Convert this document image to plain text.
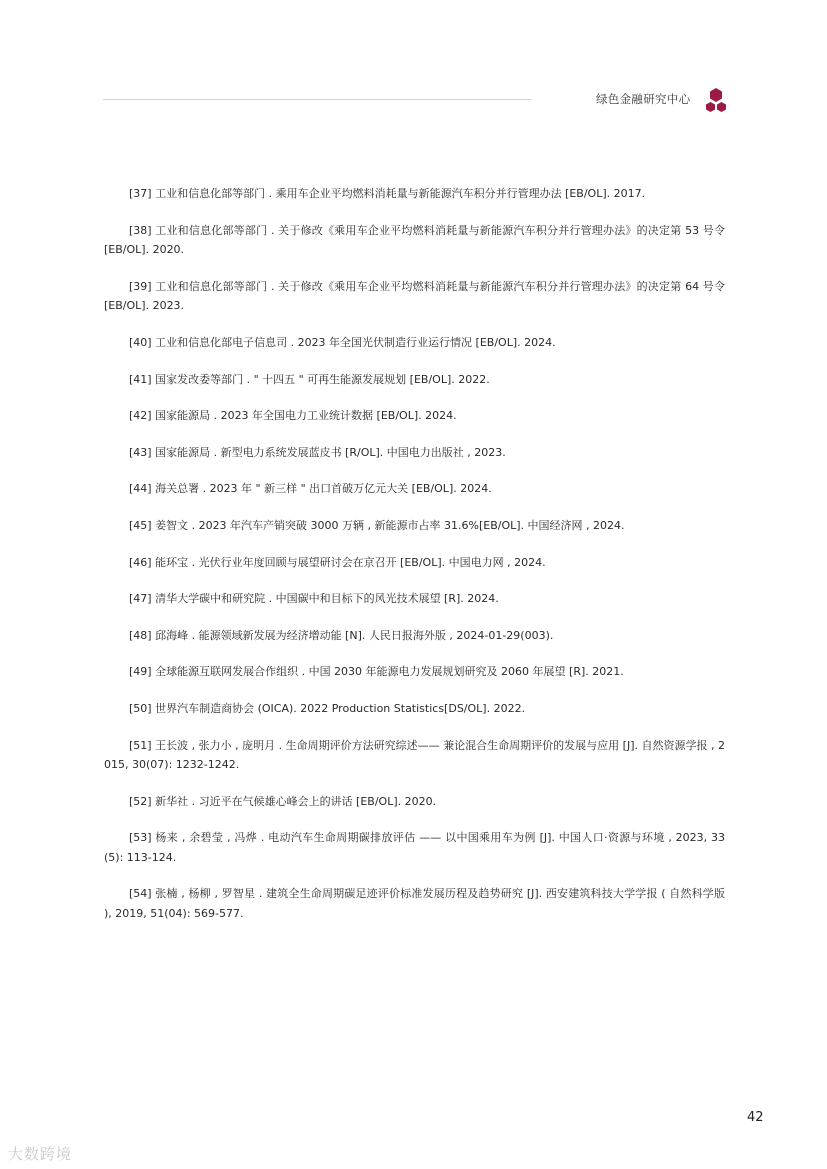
绿色金融研究中心

[37] 工业和信息化部等部门 . 乘用车企业平均燃料消耗量与新能源汽车积分并行管理办法 [EB/OL]. 2017.

[38] 工业和信息化部等部门 . 关于修改《乘用车企业平均燃料消耗量与新能源汽车积分并行管理办法》的决定第 53 号令 [EB/OL]. 2020.

[39] 工业和信息化部等部门 . 关于修改《乘用车企业平均燃料消耗量与新能源汽车积分并行管理办法》的决定第 64 号令 [EB/OL]. 2023.

[40] 工业和信息化部电子信息司 . 2023 年全国光伏制造行业运行情况 [EB/OL]. 2024.

[41] 国家发改委等部门 . " 十四五 " 可再生能源发展规划 [EB/OL]. 2022.

[42] 国家能源局 . 2023 年全国电力工业统计数据 [EB/OL]. 2024.

[43] 国家能源局 . 新型电力系统发展蓝皮书 [R/OL]. 中国电力出版社 , 2023.

[44] 海关总署 . 2023 年 " 新三样 " 出口首破万亿元大关 [EB/OL]. 2024.

[45] 姜智文 . 2023 年汽车产销突破 3000 万辆 , 新能源市占率 31.6%[EB/OL]. 中国经济网 , 2024.

[46] 能环宝 . 光伏行业年度回顾与展望研讨会在京召开 [EB/OL]. 中国电力网 , 2024.

[47] 清华大学碳中和研究院 . 中国碳中和目标下的风光技术展望 [R]. 2024.

[48] 邱海峰 . 能源领域新发展为经济增动能 [N]. 人民日报海外版 , 2024-01-29(003).

[49] 全球能源互联网发展合作组织 . 中国 2030 年能源电力发展规划研究及 2060 年展望 [R]. 2021.

[50] 世界汽车制造商协会 (OICA). 2022 Production Statistics[DS/OL]. 2022.

[51] 王长波 , 张力小 , 庞明月 . 生命周期评价方法研究综述—— 兼论混合生命周期评价的发展与应用 [J]. 自然资源学报 , 2015, 30(07): 1232-1242.

[52] 新华社 . 习近平在气候雄心峰会上的讲话 [EB/OL]. 2020.

[53] 杨来 , 余碧莹 , 冯烨 . 电动汽车生命周期碳排放评估 —— 以中国乘用车为例 [J]. 中国人口·资源与环境 , 2023, 33(5): 113-124.

[54] 张楠 , 杨柳 , 罗智星 . 建筑全生命周期碳足迹评价标准发展历程及趋势研究 [J]. 西安建筑科技大学学报 ( 自然科学版 ), 2019, 51(04): 569-577.

42
大数跨境
